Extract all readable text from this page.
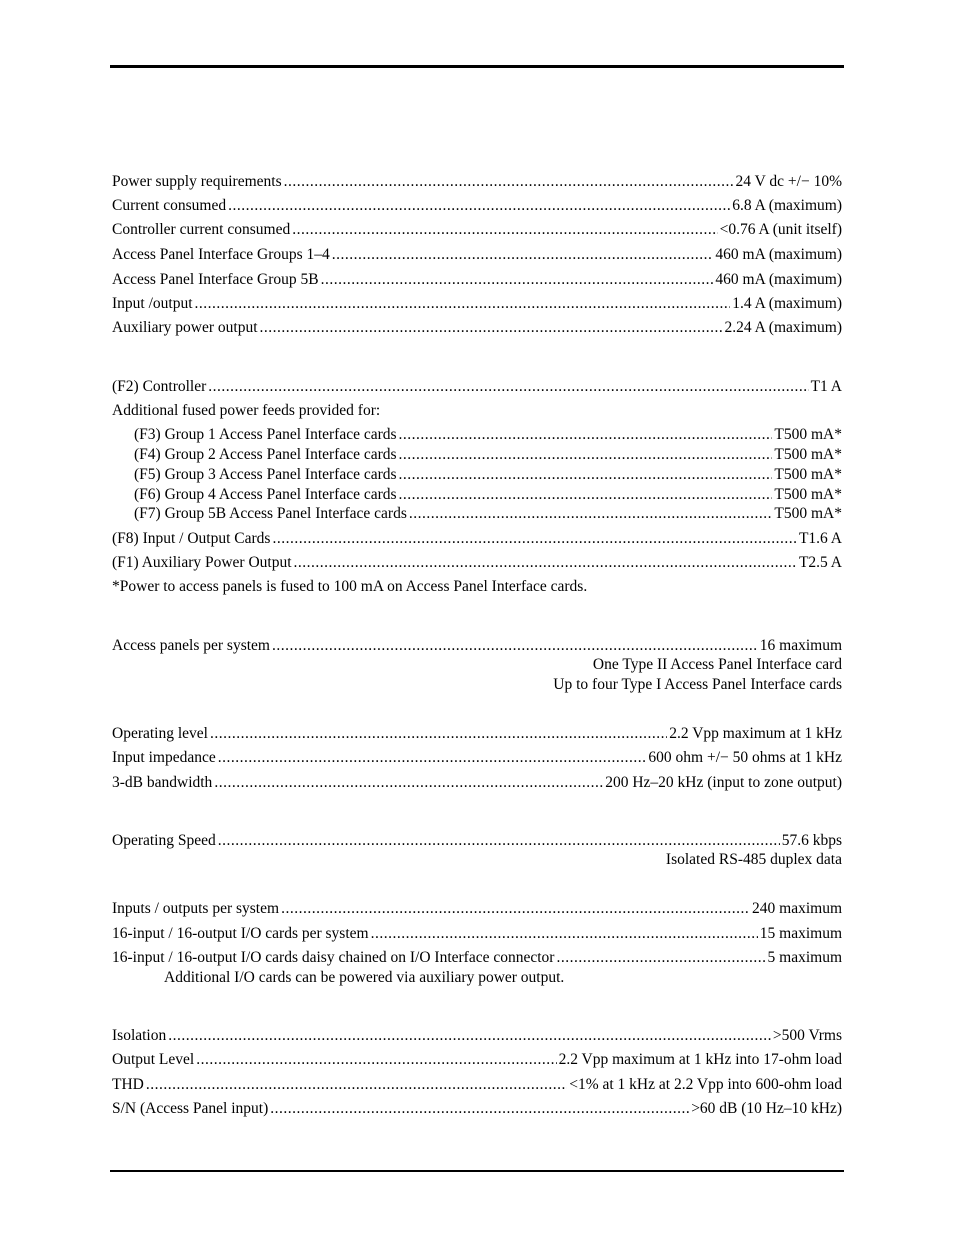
Power supply requirements .....	24 V dc +/− 10%
Current consumed .....	6.8 A (maximum)
Controller current consumed .....	<0.76 A (unit itself)
Access Panel Interface Groups 1–4 .....	460 mA (maximum)
Access Panel Interface Group 5B .....	460 mA (maximum)
Input /output .....	1.4 A (maximum)
Auxiliary power output .....	2.24 A (maximum)
(F2) Controller .....	T1 A
Additional fused power feeds provided for:
(F3) Group 1 Access Panel Interface cards .....	T500 mA*
(F4) Group 2 Access Panel Interface cards .....	T500 mA*
(F5) Group 3 Access Panel Interface cards .....	T500 mA*
(F6) Group 4 Access Panel Interface cards .....	T500 mA*
(F7) Group 5B Access Panel Interface cards .....	T500 mA*
(F8) Input / Output Cards .....	T1.6 A
(F1) Auxiliary Power Output .....	T2.5 A
*Power to access panels is fused to 100 mA on Access Panel Interface cards.
Access panels per system .....	16 maximum
One Type II Access Panel Interface card
Up to four Type I Access Panel Interface cards
Operating level .....	2.2 Vpp maximum at 1 kHz
Input impedance .....	600 ohm +/− 50 ohms at 1 kHz
3-dB bandwidth .....	200 Hz–20 kHz (input to zone output)
Operating Speed .....	57.6 kbps
Isolated RS-485 duplex data
Inputs / outputs per system .....	240 maximum
16-input / 16-output I/O cards per system .....	15 maximum
16-input / 16-output I/O cards daisy chained on I/O Interface connector .....	5 maximum
Additional I/O cards can be powered via auxiliary power output.
Isolation .....	>500 Vrms
Output Level .....	2.2 Vpp maximum at 1 kHz into 17-ohm load
THD .....	<1% at 1 kHz at 2.2 Vpp into 600-ohm load
S/N (Access Panel input) .....	>60 dB (10 Hz–10 kHz)
